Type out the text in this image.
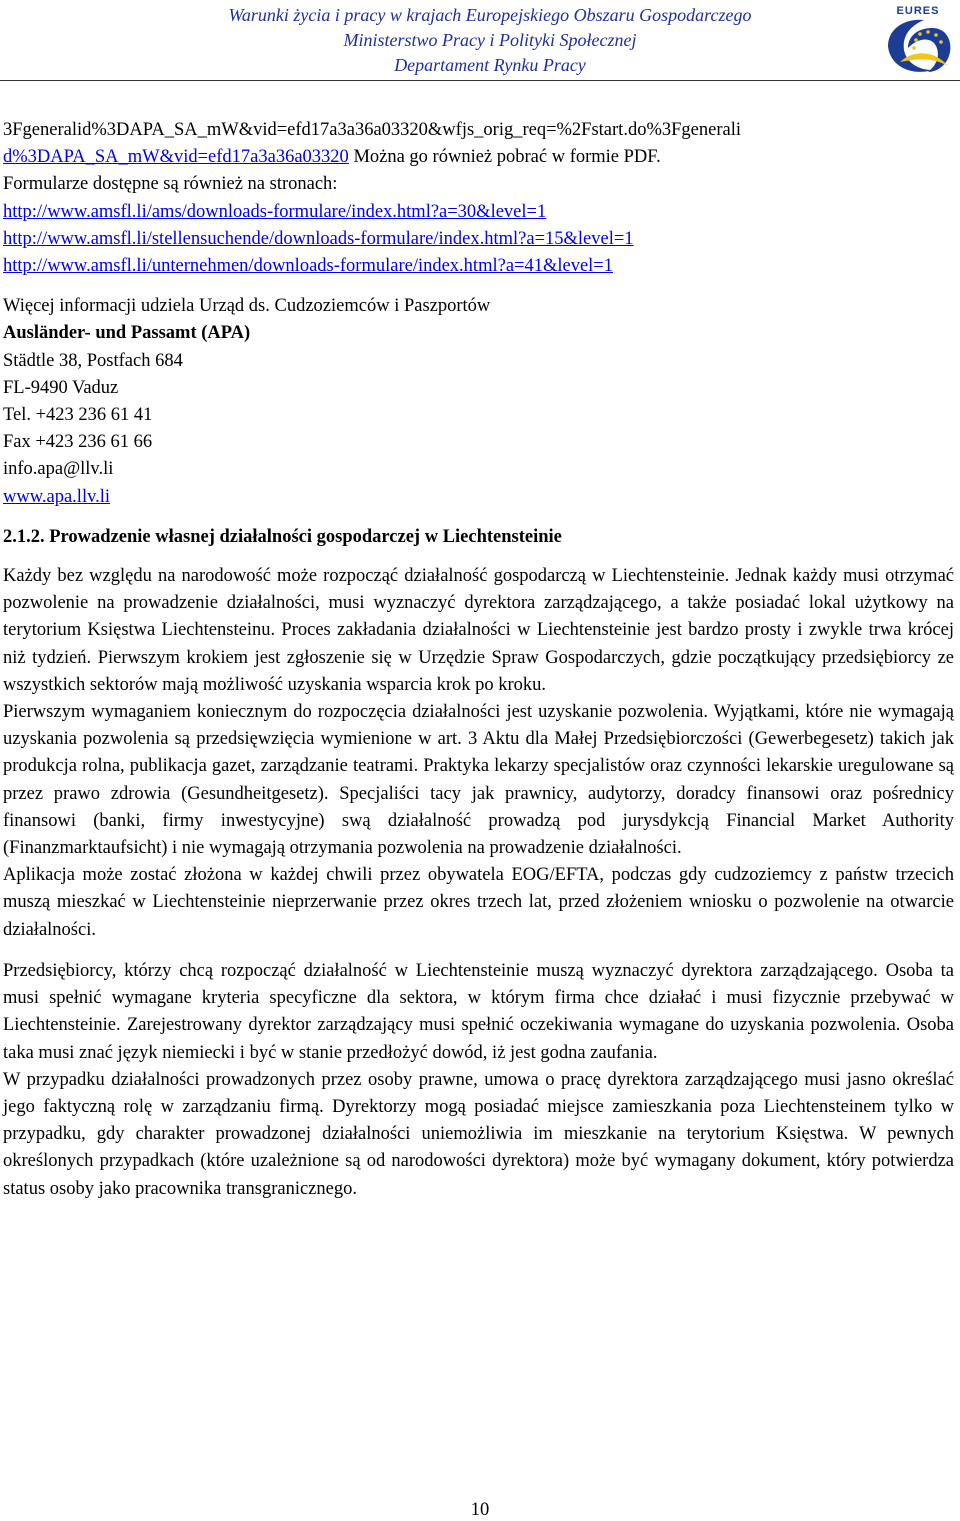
Warunki życia i pracy w krajach Europejskiego Obszaru Gospodarczego
Ministerstwo Pracy i Polityki Społecznej
Departament Rynku Pracy
EURES
3Fgeneralid%3DAPA_SA_mW&vid=efd17a3a36a03320&wfjs_orig_req=%2Fstart.do%3Fgenerali
d%3DAPA_SA_mW&vid=efd17a3a36a03320 Można go również pobrać w formie PDF.
Formularze dostępne są również na stronach:
http://www.amsfl.li/ams/downloads-formulare/index.html?a=30&level=1
http://www.amsfl.li/stellensuchende/downloads-formulare/index.html?a=15&level=1
http://www.amsfl.li/unternehmen/downloads-formulare/index.html?a=41&level=1
Więcej informacji udziela Urząd ds. Cudzoziemców i Paszportów
Ausländer- und Passamt (APA)
Städtle 38, Postfach 684
FL-9490 Vaduz
Tel. +423 236 61 41
Fax +423 236 61 66
info.apa@llv.li
www.apa.llv.li
2.1.2. Prowadzenie własnej działalności gospodarczej w Liechtensteinie
Każdy bez względu na narodowość może rozpocząć działalność gospodarczą w Liechtensteinie. Jednak każdy musi otrzymać pozwolenie na prowadzenie działalności, musi wyznaczyć dyrektora zarządzającego, a także posiadać lokal użytkowy na terytorium Księstwa Liechtensteinu. Proces zakładania działalności w Liechtensteinie jest bardzo prosty i zwykle trwa krócej niż tydzień. Pierwszym krokiem jest zgłoszenie się w Urzędzie Spraw Gospodarczych, gdzie początkujący przedsiębiorcy ze wszystkich sektorów mają możliwość uzyskania wsparcia krok po kroku.
Pierwszym wymaganiem koniecznym do rozpoczęcia działalności jest uzyskanie pozwolenia. Wyjątkami, które nie wymagają uzyskania pozwolenia są przedsięwzięcia wymienione w art. 3 Aktu dla Małej Przedsiębiorczości (Gewerbegesetz) takich jak produkcja rolna, publikacja gazet, zarządzanie teatrami. Praktyka lekarzy specjalistów oraz czynności lekarskie uregulowane są przez prawo zdrowia (Gesundheitgesetz). Specjaliści tacy jak prawnicy, audytorzy, doradcy finansowi oraz pośrednicy finansowi (banki, firmy inwestycyjne) swą działalność prowadzą pod jurysdykcją Financial Market Authority (Finanzmarktaufsicht) i nie wymagają otrzymania pozwolenia na prowadzenie działalności.
Aplikacja może zostać złożona w każdej chwili przez obywatela EOG/EFTA, podczas gdy cudzoziemcy z państw trzecich muszą mieszkać w Liechtensteinie nieprzerwanie przez okres trzech lat, przed złożeniem wniosku o pozwolenie na otwarcie działalności.
Przedsiębiorcy, którzy chcą rozpocząć działalność w Liechtensteinie muszą wyznaczyć dyrektora zarządzającego. Osoba ta musi spełnić wymagane kryteria specyficzne dla sektora, w którym firma chce działać i musi fizycznie przebywać w Liechtensteinie. Zarejestrowany dyrektor zarządzający musi spełnić oczekiwania wymagane do uzyskania pozwolenia. Osoba taka musi znać język niemiecki i być w stanie przedłożyć dowód, iż jest godna zaufania.
W przypadku działalności prowadzonych przez osoby prawne, umowa o pracę dyrektora zarządzającego musi jasno określać jego faktyczną rolę w zarządzaniu firmą. Dyrektorzy mogą posiadać miejsce zamieszkania poza Liechtensteinem tylko w przypadku, gdy charakter prowadzonej działalności uniemożliwia im mieszkanie na terytorium Księstwa. W pewnych określonych przypadkach (które uzależnione są od narodowości dyrektora) może być wymagany dokument, który potwierdza status osoby jako pracownika transgranicznego.
10
